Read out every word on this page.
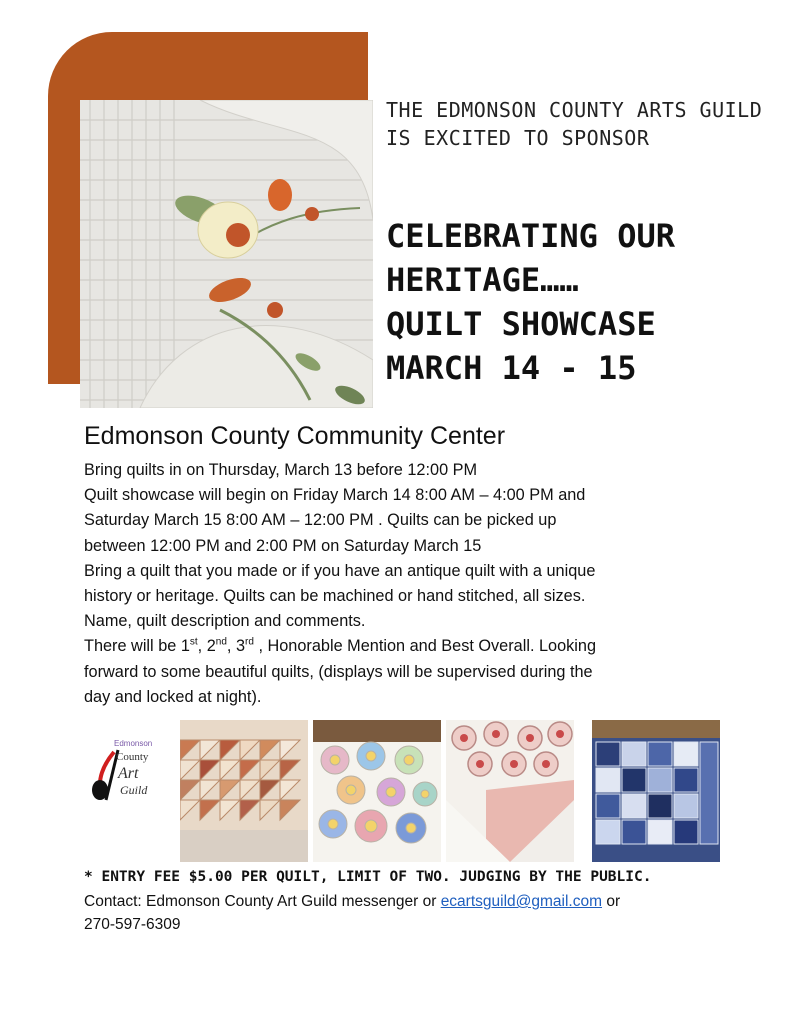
THE EDMONSON COUNTY ARTS GUILD
IS EXCITED TO SPONSOR
CELEBRATING OUR
HERITAGE……
QUILT SHOWCASE
MARCH 14 - 15
Edmonson County Community Center

Bring quilts in on Thursday, March 13 before 12:00 PM

Quilt showcase will begin on Friday March 14 8:00 AM – 4:00 PM and

Saturday March 15 8:00 AM – 12:00 PM . Quilts can be picked up

between 12:00 PM and 2:00 PM on Saturday March 15

Bring a quilt that you made or if you have an antique quilt with a unique

history or heritage. Quilts can be machined or hand stitched, all sizes.

Name, quilt description and comments.

There will be 1st, 2nd, 3rd , Honorable Mention and Best Overall. Looking

forward to some beautiful quilts, (displays will be supervised during the

day and locked at night).

Edmonson
County
Art
Guild
* ENTRY FEE $5.00 PER QUILT, LIMIT OF TWO. JUDGING BY THE PUBLIC.
Contact: Edmonson County Art Guild messenger or ecartsguild@gmail.com or
270-597-6309
